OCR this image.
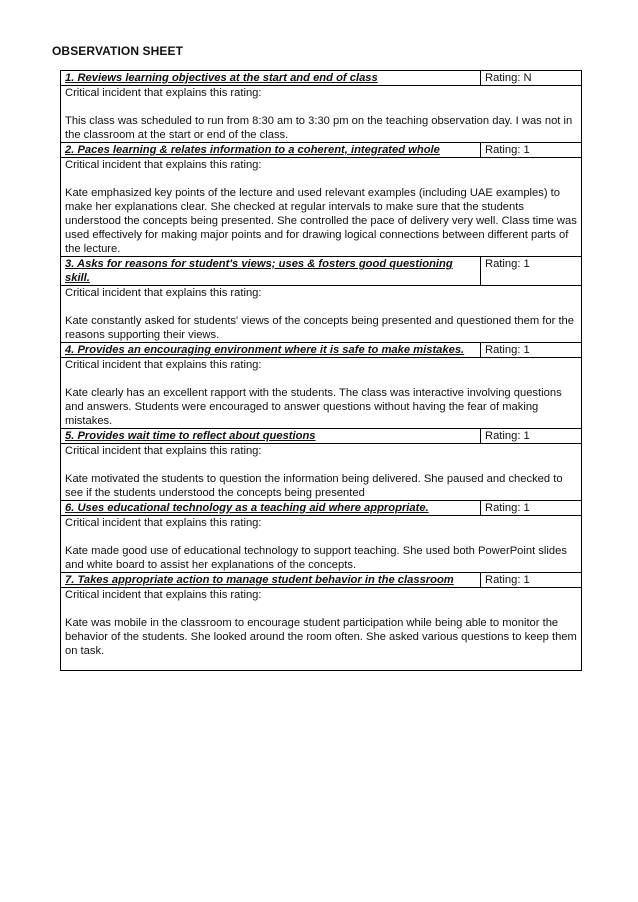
OBSERVATION SHEET
1. Reviews learning objectives at the start and end of class	Rating: N

Critical incident that explains this rating:
This class was scheduled to run from 8:30 am to 3:30 pm on the teaching observation day. I was not in the classroom at the start or end of the class.	

2. Paces learning & relates information to a coherent, integrated whole	Rating: 1

Critical incident that explains this rating:
Kate emphasized key points of the lecture and used relevant examples (including UAE examples) to make her explanations clear. She checked at regular intervals to make sure that the students understood the concepts being presented. She controlled the pace of delivery very well. Class time was used effectively for making major points and for drawing logical connections between different parts of the lecture.	

3. Asks for reasons for student's views; uses & fosters good questioning skill.	Rating: 1

Critical incident that explains this rating:
Kate constantly asked for students' views of the concepts being presented and questioned them for the reasons supporting their views.	

4. Provides an encouraging environment where it is safe to make mistakes.	Rating: 1

Critical incident that explains this rating:
Kate clearly has an excellent rapport with the students. The class was interactive involving questions and answers. Students were encouraged to answer questions without having the fear of making mistakes.	

5. Provides wait time to reflect about questions	Rating: 1

Critical incident that explains this rating:
Kate motivated the students to question the information being delivered. She paused and checked to see if the students understood the concepts being presented	

6. Uses educational technology as a teaching aid where appropriate.	Rating: 1

Critical incident that explains this rating:
Kate made good use of educational technology to support teaching. She used both PowerPoint slides and white board to assist her explanations of the concepts.	

7. Takes appropriate action to manage student behavior in the classroom	Rating: 1

Critical incident that explains this rating:
Kate was mobile in the classroom to encourage student participation while being able to monitor the behavior of the students. She looked around the room often. She asked various questions to keep them on task.	
